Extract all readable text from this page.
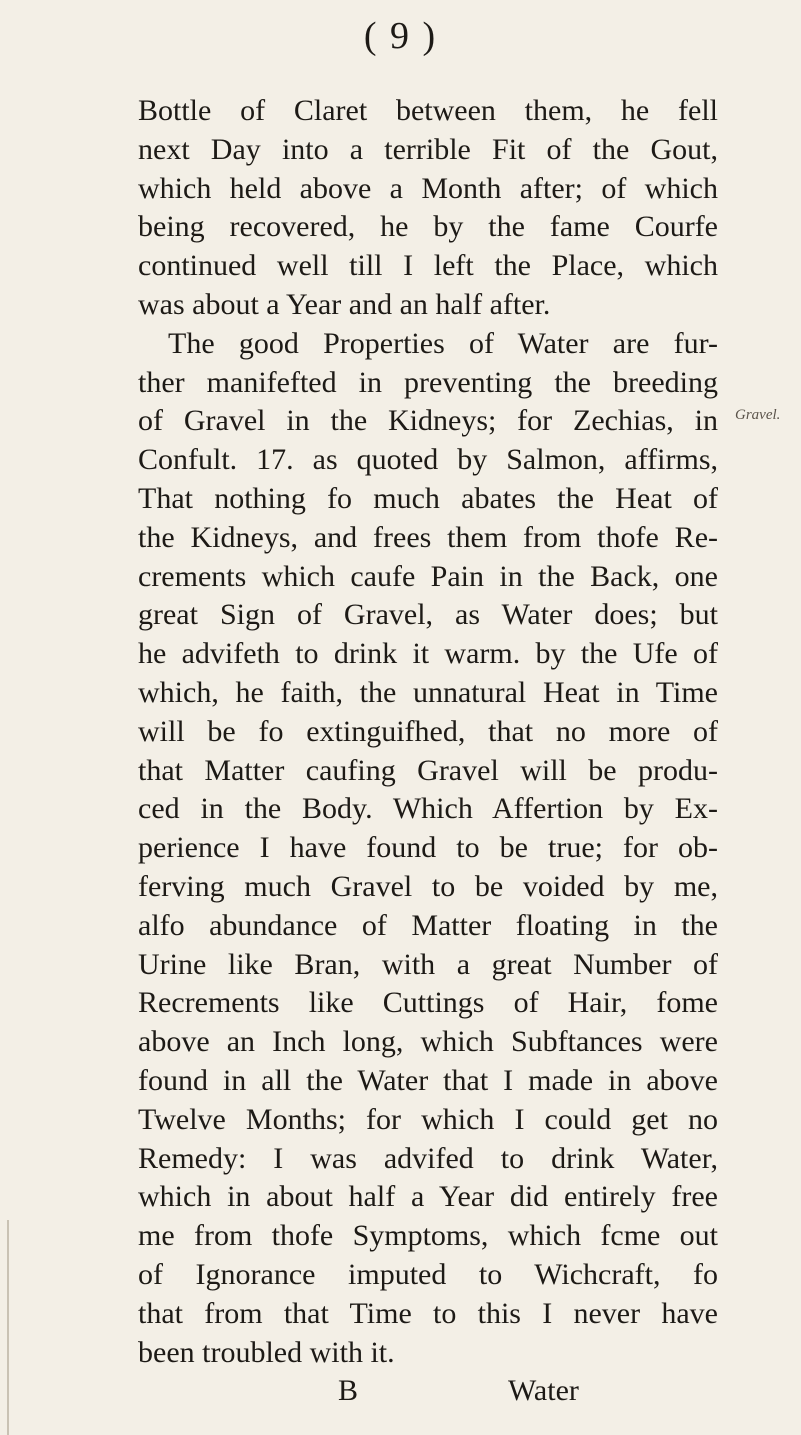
( 9 )
Gravel.
Bottle of Claret between them, he fell
next Day into a terrible Fit of the Gout,
which held above a Month after; of which
being recovered, he by the fame Courfe
continued well till I left the Place, which
was about a Year and an half after.
The good Properties of Water are fur-
ther manifefted in preventing the breeding
of Gravel in the Kidneys; for Zechias, in
Confult. 17. as quoted by Salmon, affirms,
That nothing fo much abates the Heat of
the Kidneys, and frees them from thofe Re-
crements which caufe Pain in the Back, one
great Sign of Gravel, as Water does; but
he advifeth to drink it warm. by the Ufe of
which, he faith, the unnatural Heat in Time
will be fo extinguifhed, that no more of
that Matter caufing Gravel will be produ-
ced in the Body. Which Affertion by Ex-
perience I have found to be true; for ob-
ferving much Gravel to be voided by me,
alfo abundance of Matter floating in the
Urine like Bran, with a great Number of
Recrements like Cuttings of Hair, fome
above an Inch long, which Subftances were
found in all the Water that I made in above
Twelve Months; for which I could get no
Remedy: I was advifed to drink Water,
which in about half a Year did entirely free
me from thofe Symptoms, which fcme out
of Ignorance imputed to Wichcraft, fo
that from that Time to this I never have
been troubled with it.
B	Water
